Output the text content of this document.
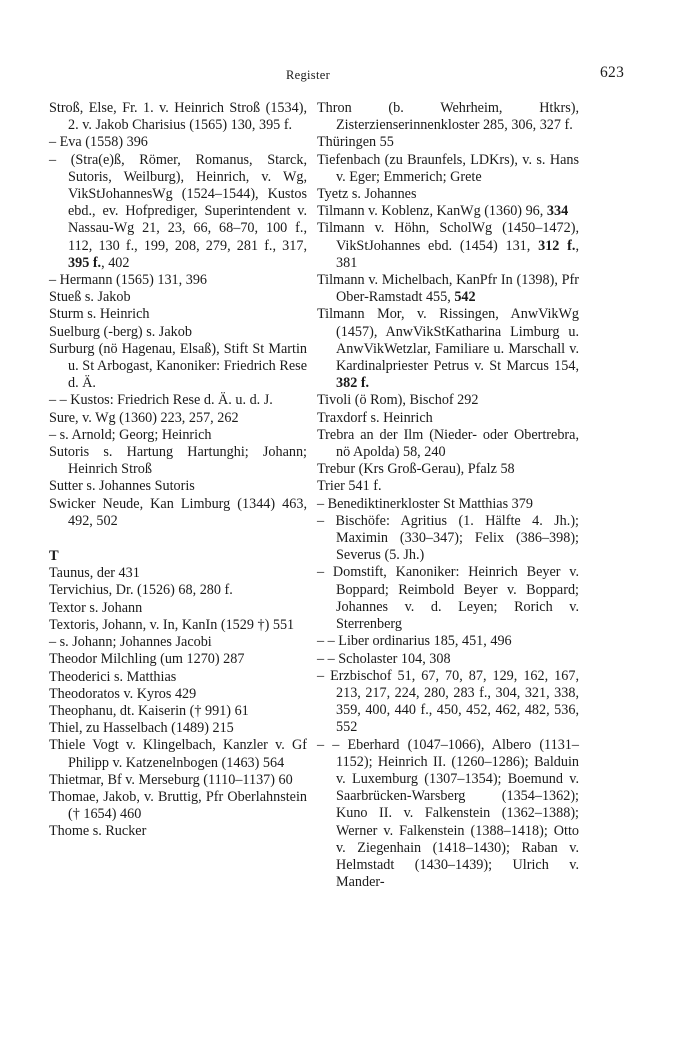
Register	623
Stroß, Else, Fr. 1. v. Heinrich Stroß (1534), 2. v. Jakob Charisius (1565) 130, 395 f.
– Eva (1558) 396
– (Stra(e)ß, Römer, Romanus, Starck, Sutoris, Weilburg), Heinrich, v. Wg, VikStJohannesWg (1524–1544), Kustos ebd., ev. Hofprediger, Superintendent v. Nassau-Wg 21, 23, 66, 68–70, 100 f., 112, 130 f., 199, 208, 279, 281 f., 317, 395 f., 402
– Hermann (1565) 131, 396
Stueß s. Jakob
Sturm s. Heinrich
Suelburg (-berg) s. Jakob
Surburg (nö Hagenau, Elsaß), Stift St Martin u. St Arbogast, Kanoniker: Friedrich Rese d. Ä.
– – Kustos: Friedrich Rese d. Ä. u. d. J.
Sure, v. Wg (1360) 223, 257, 262
– s. Arnold; Georg; Heinrich
Sutoris s. Hartung Hartunghi; Johann; Heinrich Stroß
Sutter s. Johannes Sutoris
Swicker Neude, Kan Limburg (1344) 463, 492, 502
T
Taunus, der 431
Tervichius, Dr. (1526) 68, 280 f.
Textor s. Johann
Textoris, Johann, v. In, KanIn (1529 †) 551
– s. Johann; Johannes Jacobi
Theodor Milchling (um 1270) 287
Theoderici s. Matthias
Theodoratos v. Kyros 429
Theophanu, dt. Kaiserin († 991) 61
Thiel, zu Hasselbach (1489) 215
Thiele Vogt v. Klingelbach, Kanzler v. Gf Philipp v. Katzenelnbogen (1463) 564
Thietmar, Bf v. Merseburg (1110–1137) 60
Thomae, Jakob, v. Bruttig, Pfr Oberlahnstein († 1654) 460
Thome s. Rucker
Thron (b. Wehrheim, Htkrs), Zisterzienserinnenkloster 285, 306, 327 f.
Thüringen 55
Tiefenbach (zu Braunfels, LDKrs), v. s. Hans v. Eger; Emmerich; Grete
Tyetz s. Johannes
Tilmann v. Koblenz, KanWg (1360) 96, 334
Tilmann v. Höhn, ScholWg (1450–1472), VikStJohannes ebd. (1454) 131, 312 f., 381
Tilmann v. Michelbach, KanPfr In (1398), Pfr Ober-Ramstadt 455, 542
Tilmann Mor, v. Rissingen, AnwVikWg (1457), AnwVikStKatharina Limburg u. AnwVikWetzlar, Familiare u. Marschall v. Kardinalpriester Petrus v. St Marcus 154, 382 f.
Tivoli (ö Rom), Bischof 292
Traxdorf s. Heinrich
Trebra an der Ilm (Nieder- oder Obertrebra, nö Apolda) 58, 240
Trebur (Krs Groß-Gerau), Pfalz 58
Trier 541 f.
– Benediktinerkloster St Matthias 379
– Bischöfe: Agritius (1. Hälfte 4. Jh.); Maximin (330–347); Felix (386–398); Severus (5. Jh.)
– Domstift, Kanoniker: Heinrich Beyer v. Boppard; Reimbold Beyer v. Boppard; Johannes v. d. Leyen; Rorich v. Sterrenberg
– – Liber ordinarius 185, 451, 496
– – Scholaster 104, 308
– Erzbischof 51, 67, 70, 87, 129, 162, 167, 213, 217, 224, 280, 283 f., 304, 321, 338, 359, 400, 440 f., 450, 452, 462, 482, 536, 552
– – Eberhard (1047–1066), Albero (1131–1152); Heinrich II. (1260–1286); Balduin v. Luxemburg (1307–1354); Boemund v. Saarbrücken-Warsberg (1354–1362); Kuno II. v. Falkenstein (1362–1388); Werner v. Falkenstein (1388–1418); Otto v. Ziegenhain (1418–1430); Raban v. Helmstadt (1430–1439); Ulrich v. Mander-
